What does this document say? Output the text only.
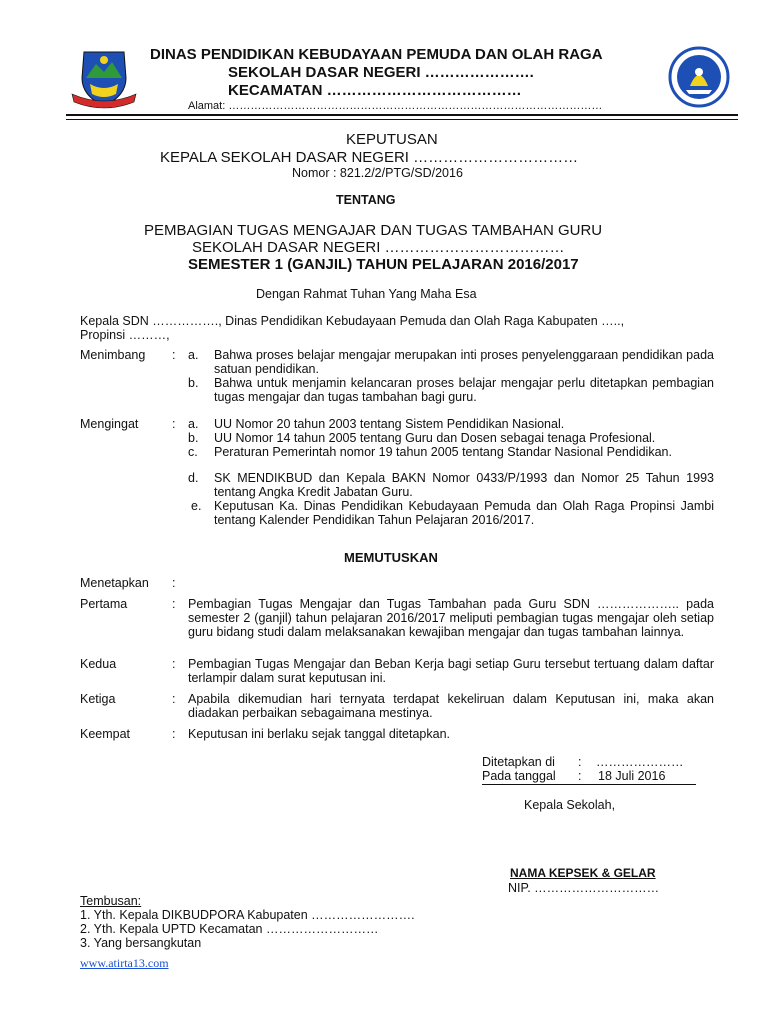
DINAS PENDIDIKAN KEBUDAYAAN PEMUDA DAN OLAH RAGA
SEKOLAH DASAR NEGERI ………………….
KECAMATAN …………………………………
Alamat: …………………………………………………………………………………………
KEPUTUSAN
KEPALA SEKOLAH DASAR NEGERI ……………………………
Nomor : 821.2/2/PTG/SD/2016
TENTANG
PEMBAGIAN TUGAS MENGAJAR DAN TUGAS TAMBAHAN GURU
SEKOLAH DASAR NEGERI ………………………………
SEMESTER 1 (GANJIL) TAHUN PELAJARAN 2016/2017
Dengan Rahmat Tuhan Yang Maha Esa
Kepala SDN ……………., Dinas Pendidikan Kebudayaan Pemuda dan Olah Raga Kabupaten …..,
Propinsi ………,
Menimbang : a. Bahwa proses belajar mengajar merupakan inti proses penyelenggaraan pendidikan pada satuan pendidikan.
b. Bahwa untuk menjamin kelancaran proses belajar mengajar perlu ditetapkan pembagian tugas mengajar dan tugas tambahan bagi guru.
Mengingat	: a. UU Nomor 20 tahun 2003 tentang Sistem Pendidikan Nasional.
b. UU Nomor 14 tahun 2005 tentang Guru dan Dosen sebagai tenaga Profesional.
c. Peraturan Pemerintah nomor 19 tahun 2005 tentang Standar Nasional Pendidikan.
d. SK MENDIKBUD dan Kepala BAKN Nomor 0433/P/1993 dan Nomor 25 Tahun 1993 tentang Angka Kredit Jabatan Guru.
e. Keputusan Ka. Dinas Pendidikan Kebudayaan Pemuda dan Olah Raga Propinsi Jambi tentang Kalender Pendidikan Tahun Pelajaran 2016/2017.
MEMUTUSKAN
Menetapkan :
Pertama	: Pembagian Tugas Mengajar dan Tugas Tambahan pada Guru SDN ……………….. pada semester 2 (ganjil) tahun pelajaran 2016/2017 meliputi pembagian tugas mengajar oleh setiap guru bidang studi dalam melaksanakan kewajiban mengajar dan tugas tambahan lainnya.
Kedua	: Pembagian Tugas Mengajar dan Beban Kerja bagi setiap Guru tersebut tertuang dalam daftar terlampir dalam surat keputusan ini.
Ketiga	: Apabila dikemudian hari ternyata terdapat kekeliruan dalam Keputusan ini, maka akan diadakan perbaikan sebagaimana mestinya.
Keempat	: Keputusan ini berlaku sejak tanggal ditetapkan.
Ditetapkan di : …………………
Pada tanggal : 18 Juli 2016
Kepala Sekolah,
NAMA KEPSEK & GELAR
NIP. …………………………
Tembusan:
1. Yth. Kepala DIKBUDPORA Kabupaten …………………….
2. Yth. Kepala UPTD Kecamatan ………………………
3. Yang bersangkutan
www.atirta13.com
